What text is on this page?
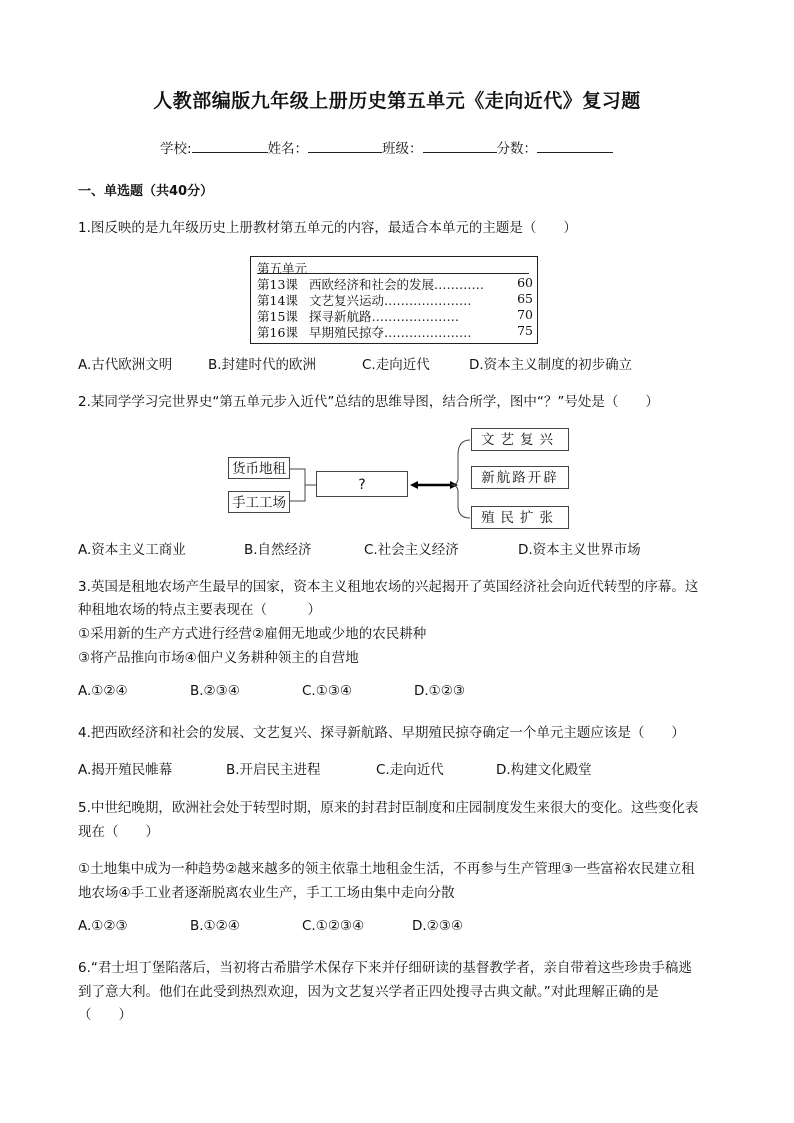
人教部编版九年级上册历史第五单元《走向近代》复习题
学校:	姓名：	班级：	分数：
一、单选题（共40分）
1.图反映的是九年级历史上册教材第五单元的内容，最适合本单元的主题是（　　）
第五单元
第13课 西欧经济和社会的发展…………	60
第14课 文艺复兴运动…………………	65
第15课 探寻新航路…………………	70
第16课 早期殖民掠夺…………………	75
A.古代欧洲文明	B.封建时代的欧洲	C.走向近代	D.资本主义制度的初步确立
2.某同学学习完世界史“第五单元步入近代”总结的思维导图，结合所学，图中“？”号处是（　　）
货币地租
手工工场
?
文艺复兴
新航路开辟
殖民扩张
A.资本主义工商业	B.自然经济	C.社会主义经济	D.资本主义世界市场
3.英国是租地农场产生最早的国家，资本主义租地农场的兴起揭开了英国经济社会向近代转型的序幕。这
种租地农场的特点主要表现在（　　　）
①采用新的生产方式进行经营②雇佣无地或少地的农民耕种
③将产品推向市场④佃户义务耕种领主的自营地
A.①②④	B.②③④	C.①③④	D.①②③
4.把西欧经济和社会的发展、文艺复兴、探寻新航路、早期殖民掠夺确定一个单元主题应该是（　　）
A.揭开殖民帷幕	B.开启民主进程	C.走向近代	D.构建文化殿堂
5.中世纪晚期，欧洲社会处于转型时期，原来的封君封臣制度和庄园制度发生来很大的变化。这些变化表
现在（　　）
①土地集中成为一种趋势②越来越多的领主依靠土地租金生活，不再参与生产管理③一些富裕农民建立租
地农场④手工业者逐渐脱离农业生产，手工工场由集中走向分散
A.①②③	B.①②④	C.①②③④	D.②③④
6.“君士坦丁堡陷落后，当初将古希腊学术保存下来并仔细研读的基督教学者，亲自带着这些珍贵手稿逃
到了意大利。他们在此受到热烈欢迎，因为文艺复兴学者正四处搜寻古典文献。”对此理解正确的是
（　　）
